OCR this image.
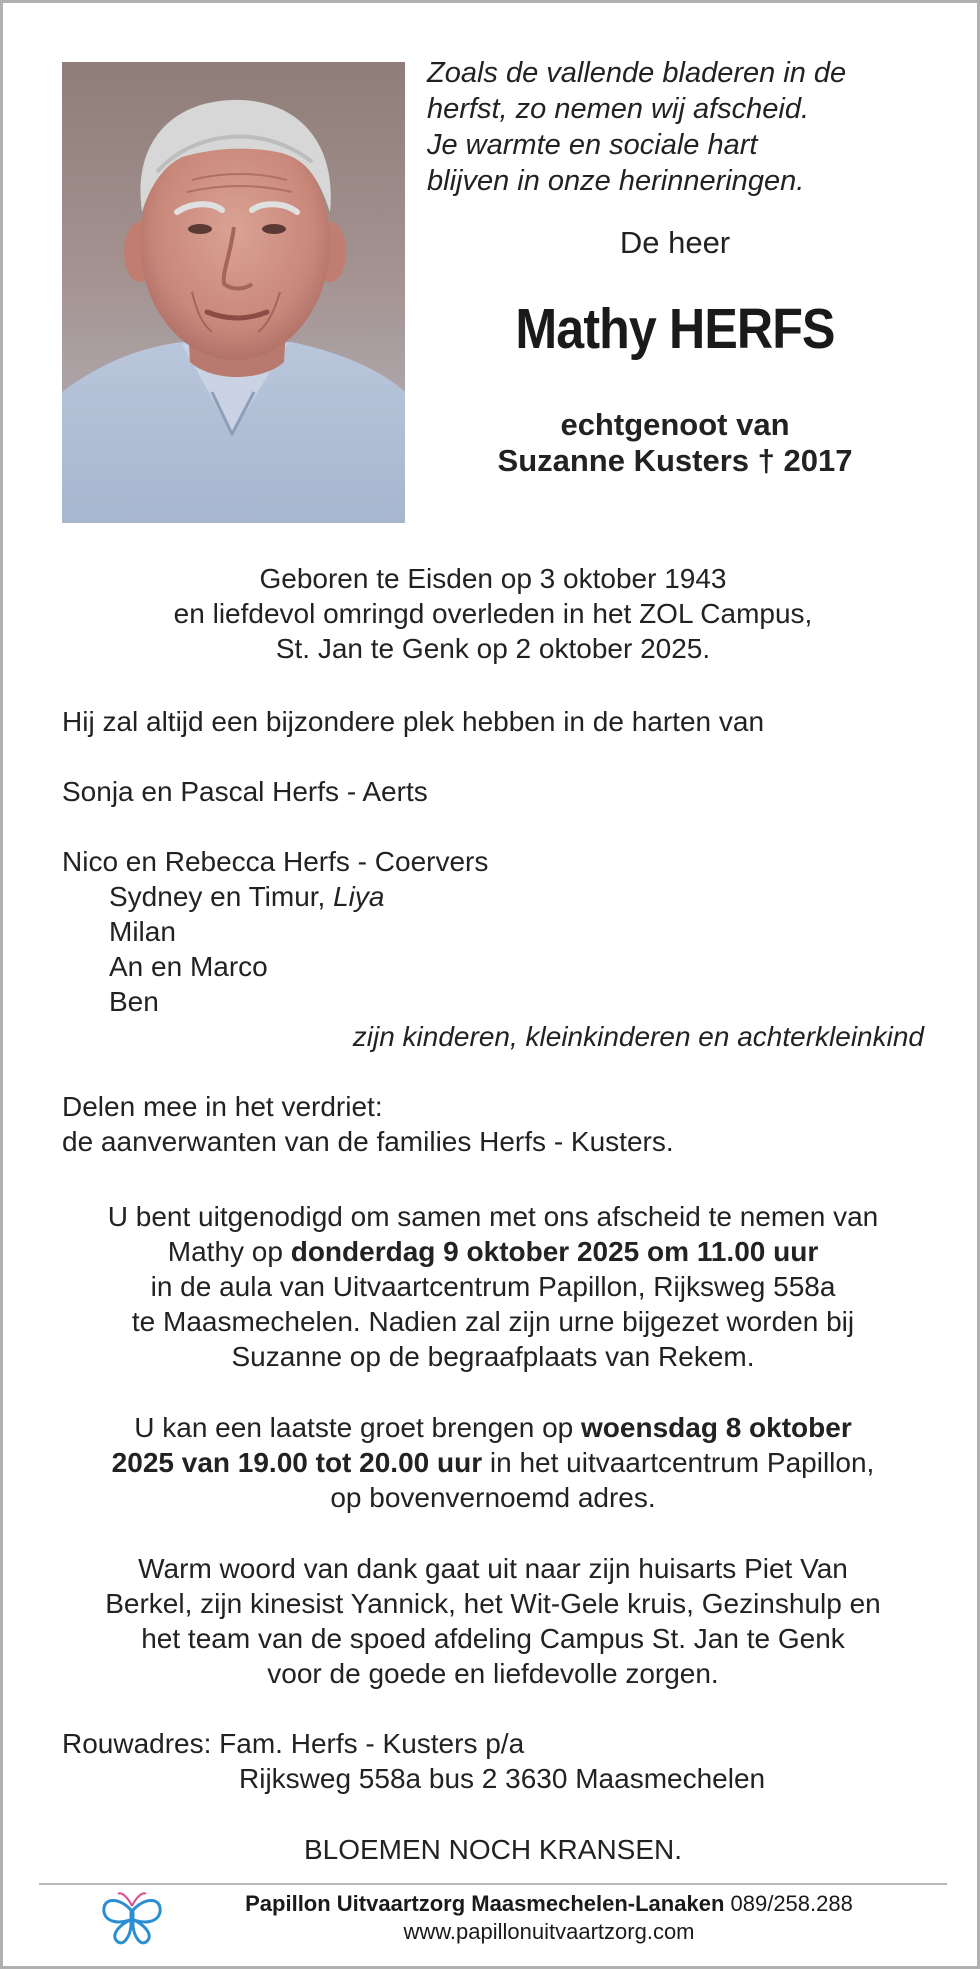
Zoals de vallende bladeren in de
herfst, zo nemen wij afscheid.
Je warmte en sociale hart
blijven in onze herinneringen.
De heer
Mathy HERFS
echtgenoot van
Suzanne Kusters † 2017
Geboren te Eisden op 3 oktober 1943
en liefdevol omringd overleden in het ZOL Campus,
St. Jan te Genk op 2 oktober 2025.
Hij zal altijd een bijzondere plek hebben in de harten van
Sonja en Pascal Herfs - Aerts
Nico en Rebecca Herfs - Coervers
Sydney en Timur, Liya
Milan
An en Marco
Ben
zijn kinderen, kleinkinderen en achterkleinkind
Delen mee in het verdriet:
de aanverwanten van de families Herfs - Kusters.
U bent uitgenodigd om samen met ons afscheid te nemen van
Mathy op donderdag 9 oktober 2025 om 11.00 uur
in de aula van Uitvaartcentrum Papillon, Rijksweg 558a
te Maasmechelen. Nadien zal zijn urne bijgezet worden bij
Suzanne op de begraafplaats van Rekem.
U kan een laatste groet brengen op woensdag 8 oktober
2025 van 19.00 tot 20.00 uur in het uitvaartcentrum Papillon,
op bovenvernoemd adres.
Warm woord van dank gaat uit naar zijn huisarts Piet Van
Berkel, zijn kinesist Yannick, het Wit-Gele kruis, Gezinshulp en
het team van de spoed afdeling Campus St. Jan te Genk
voor de goede en liefdevolle zorgen.
Rouwadres: Fam. Herfs - Kusters p/a
Rijksweg 558a bus 2 3630 Maasmechelen
BLOEMEN NOCH KRANSEN.
Papillon Uitvaartzorg Maasmechelen-Lanaken 089/258.288
www.papillonuitvaartzorg.com
